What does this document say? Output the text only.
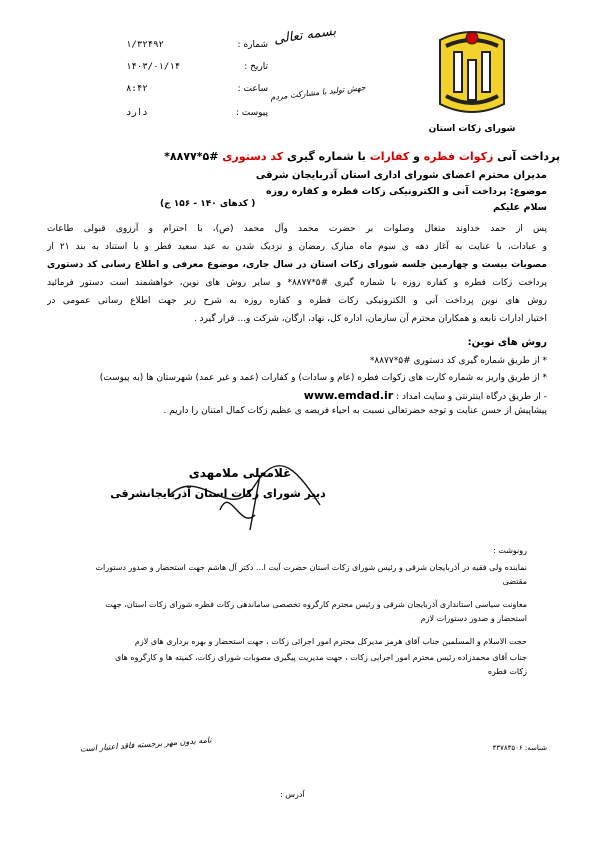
بسمه تعالی
جهش تولید با مشارکت مردم
شماره :
۱/۳۲۴۹۲
تاریخ :
۱۴۰۳/۰۱/۱۴
ساعت :
۸:۴۲
پیوست :
دارد
شورای زکات استان
پرداخت آنی زکوات فطره و کفارات با شماره گیری کد دستوری #۵*۸۸۷۷*
مدیران محترم اعضای شورای اداری استان آذربایجان شرقی
موضوع: پرداخت آنی و الکترونیکی زکات فطره و کفاره روزه
( کدهای ۱۴۰ - ۱۵۶ ج)	سلام علیکم
پس از حمد خداوند متعال وصلوات بر حضرت محمد وآل محمد (ص)، با احترام و آرزوی قبولی طاعات
و عبادات، با عنایت به آغاز دهه ی سوم ماه مبارک رمضان و نزدیک شدن به عید سعید فطر و با استناد به بند ۲۱ از
مصوبات بیست و چهارمین جلسه شورای زکات استان در سال جاری، موضوع معرفی و اطلاع رسانی کد دستوری
پرداخت زکات فطره و کفاره روزه با شماره گیری #۵*۸۸۷۷* و سایر روش های نوین، خواهشمند است دستور فرمائید
روش های نوین پرداخت آنی و الکترونیکی زکات فطره و کفاره روزه به شرح زیر جهت اطلاع رسانی عمومی در
اختیار ادارات تابعه و همکاران محترم آن سازمان، اداره کل، نهاد، ارگان، شرکت و... قرار گیرد .
روش های نوین:
* از طریق شماره گیری کد دستوری #۵*۸۸۷۷*
* از طریق واریز به شماره کارت های زکوات فطره (عام و سادات) و کفارات (عمد و غیر عمد) شهرستان ها (به پیوست)
- از طریق درگاه اینترنتی و سایت امداد : www.emdad.ir
پیشاپیش از حسن عنایت و توجه حضرتعالی نسبت به احیاء فریضه ی عظیم زکات کمال امتنان را داریم .
غلامعلی ملامهدی
دبیر شورای زکات استان آذربایجانشرقی
رونوشت :
نماینده ولی فقیه در آذربایجان شرقی و رئیس شورای زکات استان حضرت آیت ا... دکتر آل هاشم جهت استحضار و صدور دستورات
مقتضی
معاونت سیاسی استانداری آذربایجان شرقی و رئیس محترم کارگروه تخصصی ساماندهی زکات فطره شورای زکات استان، جهت
استحضار و صدور دستورات لازم
حجت الاسلام و المسلمین جناب آقای هرمز مدیرکل محترم امور اجرائی زکات ، جهت استحضار و بهره برداری های لازم
جناب آقای محمدزاده رئیس محترم امور اجرایی زکات ، جهت مدیریت پیگیری مصوبات شورای زکات، کمیته ها و کارگروه های
زکات فطره
نامه بدون مهر برجسته فاقد اعتبار است	شناسه: ۴۳۷۸۳۵۰۶
آدرس :
